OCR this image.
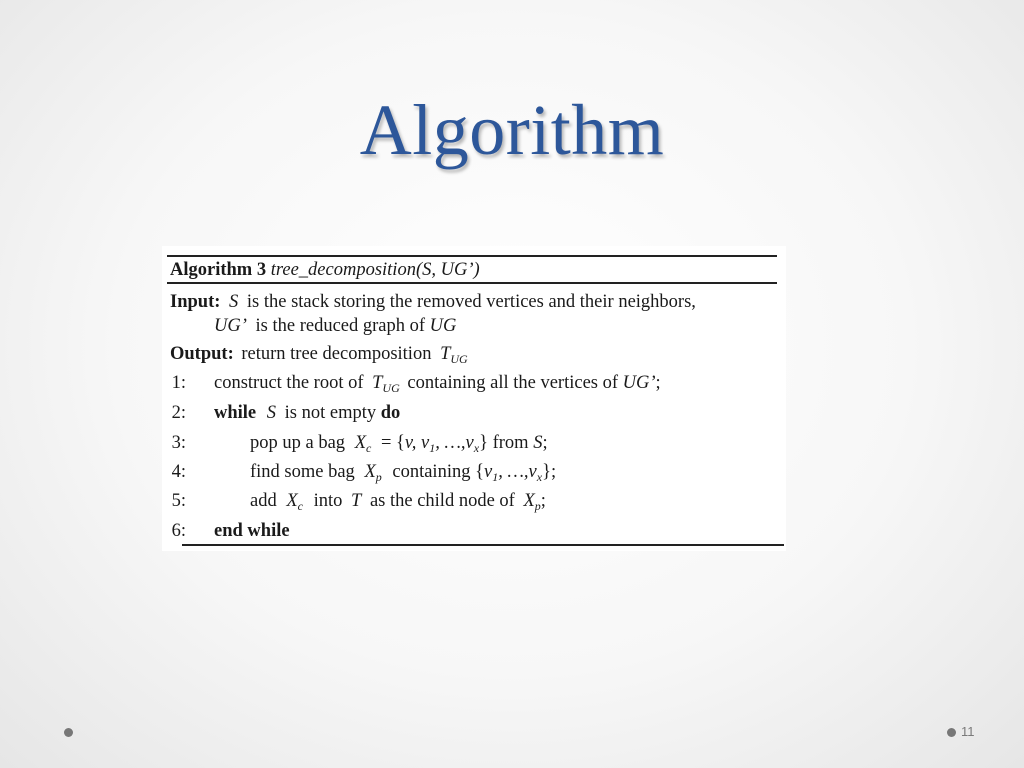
Algorithm
Algorithm 3 tree_decomposition(S, UG’)
Input: S is the stack storing the removed vertices and their neighbors,
UG’ is the reduced graph of UG
Output: return tree decomposition $T_{UG}$
1: construct the root of $T_{UG}$ containing all the vertices of UG’;
2: while S is not empty do
3:	pop up a bag $X_c = \{v$, $v_1$, $\dots,v_x$} from S;
4:	find some bag $X_p$ containing {$v_1$, $\dots,v_x$};
5:	add $X_c$ into T as the child node of $X_p$;
6: end while
11
